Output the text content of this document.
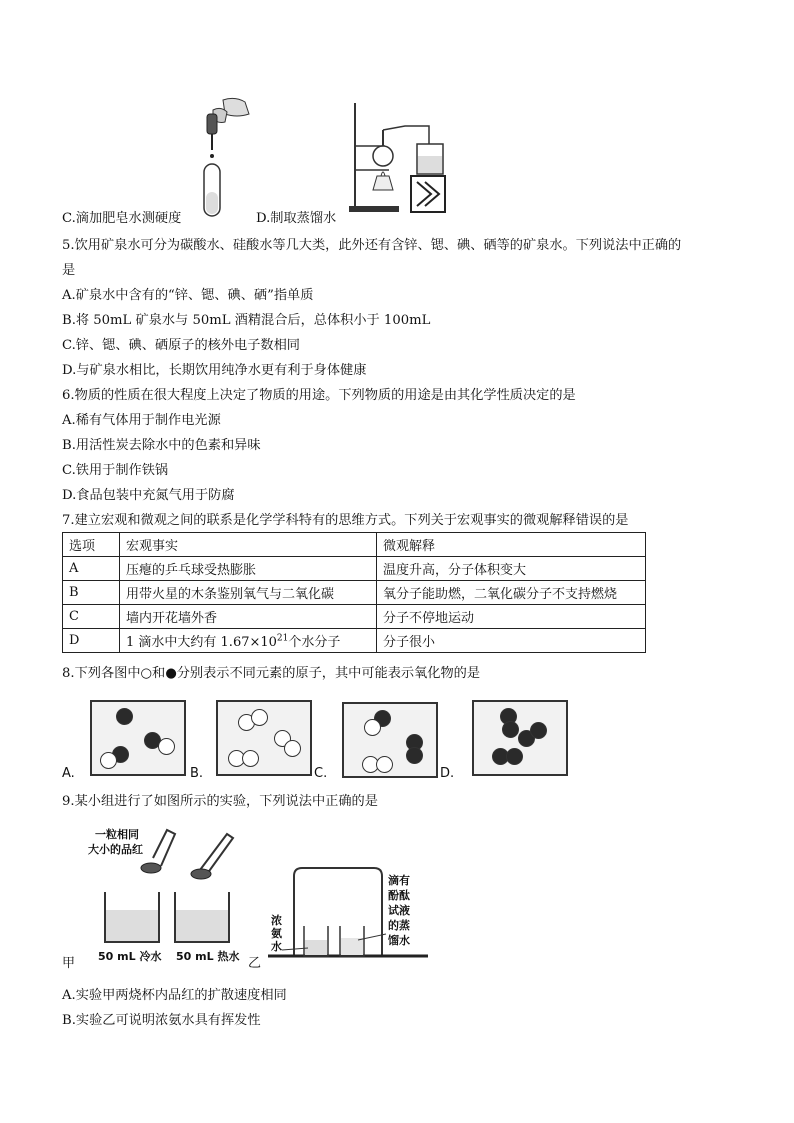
C.滴加肥皂水测硬度	D.制取蒸馏水
5.饮用矿泉水可分为碳酸水、硅酸水等几大类，此外还有含锌、锶、碘、硒等的矿泉水。下列说法中正确的
是
A.矿泉水中含有的“锌、锶、碘、硒”指单质
B.将 50mL 矿泉水与 50mL 酒精混合后，总体积小于 100mL
C.锌、锶、碘、硒原子的核外电子数相同
D.与矿泉水相比，长期饮用纯净水更有利于身体健康
6.物质的性质在很大程度上决定了物质的用途。下列物质的用途是由其化学性质决定的是
A.稀有气体用于制作电光源
B.用活性炭去除水中的色素和异味
C.铁用于制作铁锅
D.食品包装中充氮气用于防腐
7.建立宏观和微观之间的联系是化学学科特有的思维方式。下列关于宏观事实的微观解释错误的是
选项	宏观事实	微观解释
A	压瘪的乒乓球受热膨胀	温度升高，分子体积变大
B	用带火星的木条鉴别氧气与二氧化碳	氧分子能助燃，二氧化碳分子不支持燃烧
C	墙内开花墙外香	分子不停地运动
D	1 滴水中大约有 $1.67\times 10^{21}$个水分子	分子很小
8.下列各图中○和●分别表示不同元素的原子，其中可能表示氧化物的是
A.	B.	C.	D.
9.某小组进行了如图所示的实验，下列说法中正确的是
一粒相同
大小的品红
甲 50 mL 冷水 50 mL 热水 乙
浓
氨
水
滴有
酚酞
试液
的蒸
馏水
A.实验甲两烧杯内品红的扩散速度相同
B.实验乙可说明浓氨水具有挥发性
